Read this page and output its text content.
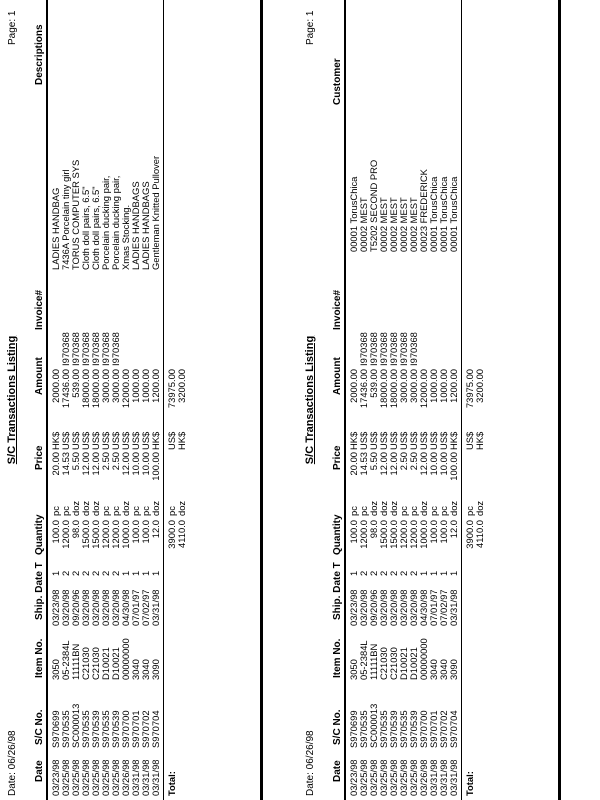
Date: 06/26/98
S/C Transactions Listing
Page: 1
Date
S/C No.
Item No.
Ship. Date T
Quantity
Price
Amount
Invoice#
Descriptions
03/23/98
S970699
3050
03/23/98
1
100.0
pc
20.00
HK$
2000.00
LADIES HANDBAG
03/25/98
S970535
05-2384L
03/20/98
2
1200.0
pc
14.53
US$
17436.00
I970368
7436A Porcelain tiny girl
03/25/98
SC000013
11111BN
09/20/96
2
98.0
doz
5.50
US$
539.00
I970368
TORUS COMPUTER SYS
03/25/98
S970535
C21030
03/20/98
2
1500.0
doz
12.00
US$
18000.00
I970368
Cloth doll pairs, 6.5"
03/25/98
S970539
C21030
03/20/98
2
1500.0
doz
12.00
US$
18000.00
I970368
Cloth doll pairs, 6.5"
03/25/98
S970535
D10021
03/20/98
2
1200.0
pc
2.50
US$
3000.00
I970368
Porcelain ducking pair,
03/25/98
S970539
D10021
03/20/98
2
1200.0
pc
2.50
US$
3000.00
I970368
Porcelain ducking pair,
03/26/98
S970700
00000000
04/30/98
1
1000.0
doz
12.00
US$
12000.00
Xmas Stocking.
03/31/98
S970701
3040
07/01/97
1
100.0
pc
10.00
US$
1000.00
LADIES HANDBAGS
03/31/98
S970702
3040
07/02/97
1
100.0
pc
10.00
US$
1000.00
LADIES HANDBAGS
03/31/98
S970704
3090
03/31/98
1
12.0
doz
100.00
HK$
1200.00
Gentleman Knitted Pullover
Total:
3900.0
pc
US$
73975.00
4110.0
doz
HK$
3200.00
Date: 06/26/98
S/C Transactions Listing
Page: 1
Date
S/C No.
Item No.
Ship. Date T
Quantity
Price
Amount
Invoice#
Customer
03/23/98
S970699
3050
03/23/98
1
100.0
pc
20.00
HK$
2000.00
00001 TorusChica
03/25/98
S970535
05-2384L
03/20/98
2
1200.0
pc
14.53
US$
17436.00
I970368
00002 MEST
03/25/98
SC000013
11111BN
09/20/96
2
98.0
doz
5.50
US$
539.00
I970368
T5202 SECOND PRO
03/25/98
S970535
C21030
03/20/98
2
1500.0
doz
12.00
US$
18000.00
I970368
00002 MEST
03/25/98
S970539
C21030
03/20/98
2
1500.0
doz
12.00
US$
18000.00
I970368
00002 MEST
03/25/98
S970535
D10021
03/20/98
2
1200.0
pc
2.50
US$
3000.00
I970368
00002 MEST
03/25/98
S970539
D10021
03/20/98
2
1200.0
pc
2.50
US$
3000.00
I970368
00002 MEST
03/26/98
S970700
00000000
04/30/98
1
1000.0
doz
12.00
US$
12000.00
00023 FREDERICK
03/31/98
S970701
3040
07/01/97
1
100.0
pc
10.00
US$
1000.00
00001 TorusChica
03/31/98
S970702
3040
07/02/97
1
100.0
pc
10.00
US$
1000.00
00001 TorusChica
03/31/98
S970704
3090
03/31/98
1
12.0
doz
100.00
HK$
1200.00
00001 TorusChica
Total:
3900.0
pc
US$
73975.00
4110.0
doz
HK$
3200.00
